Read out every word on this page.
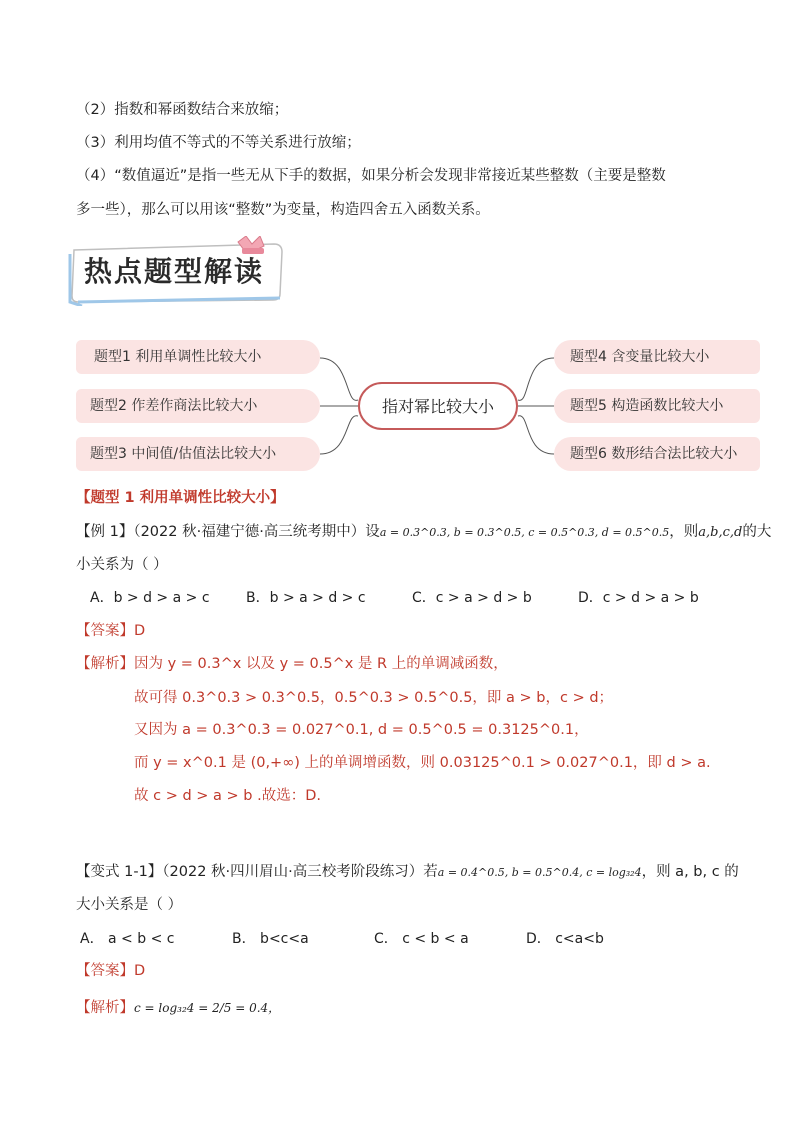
（2）指数和幂函数结合来放缩；
（3）利用均值不等式的不等关系进行放缩；
（4）“数值逼近”是指一些无从下手的数据，如果分析会发现非常接近某些整数（主要是整数
多一些），那么可以用该“整数”为变量，构造四舍五入函数关系。
热点题型解读
题型1 利用单调性比较大小
题型2 作差作商法比较大小
题型3 中间值/估值法比较大小
指对幂比较大小
题型4 含变量比较大小
题型5 构造函数比较大小
题型6 数形结合法比较大小
【题型 1 利用单调性比较大小】
【例 1】（2022 秋·福建宁德·高三统考期中）设a = 0.3^0.3, b = 0.3^0.5, c = 0.5^0.3, d = 0.5^0.5，则a,b,c,d的大
小关系为（ ）
A．b > d > a > c	B．b > a > d > c	C．c > a > d > b	D．c > d > a > b
【答案】D
【解析】因为 y = 0.3^x 以及 y = 0.5^x 是 R 上的单调减函数，
故可得 0.3^0.3 > 0.3^0.5，0.5^0.3 > 0.5^0.5，即 a > b，c > d；
又因为 a = 0.3^0.3 = 0.027^0.1, d = 0.5^0.5 = 0.3125^0.1，
而 y = x^0.1 是 (0,+∞) 上的单调增函数，则 0.03125^0.1 > 0.027^0.1，即 d > a.
故 c > d > a > b .故选：D.
【变式 1-1】（2022 秋·四川眉山·高三校考阶段练习）若a = 0.4^0.5, b = 0.5^0.4, c = log₃₂4，则 a, b, c 的
大小关系是（ ）
A． a < b < c	B． b<c<a	C． c < b < a	D． c<a<b
【答案】D
【解析】c = log₃₂4 = 2/5 = 0.4，
